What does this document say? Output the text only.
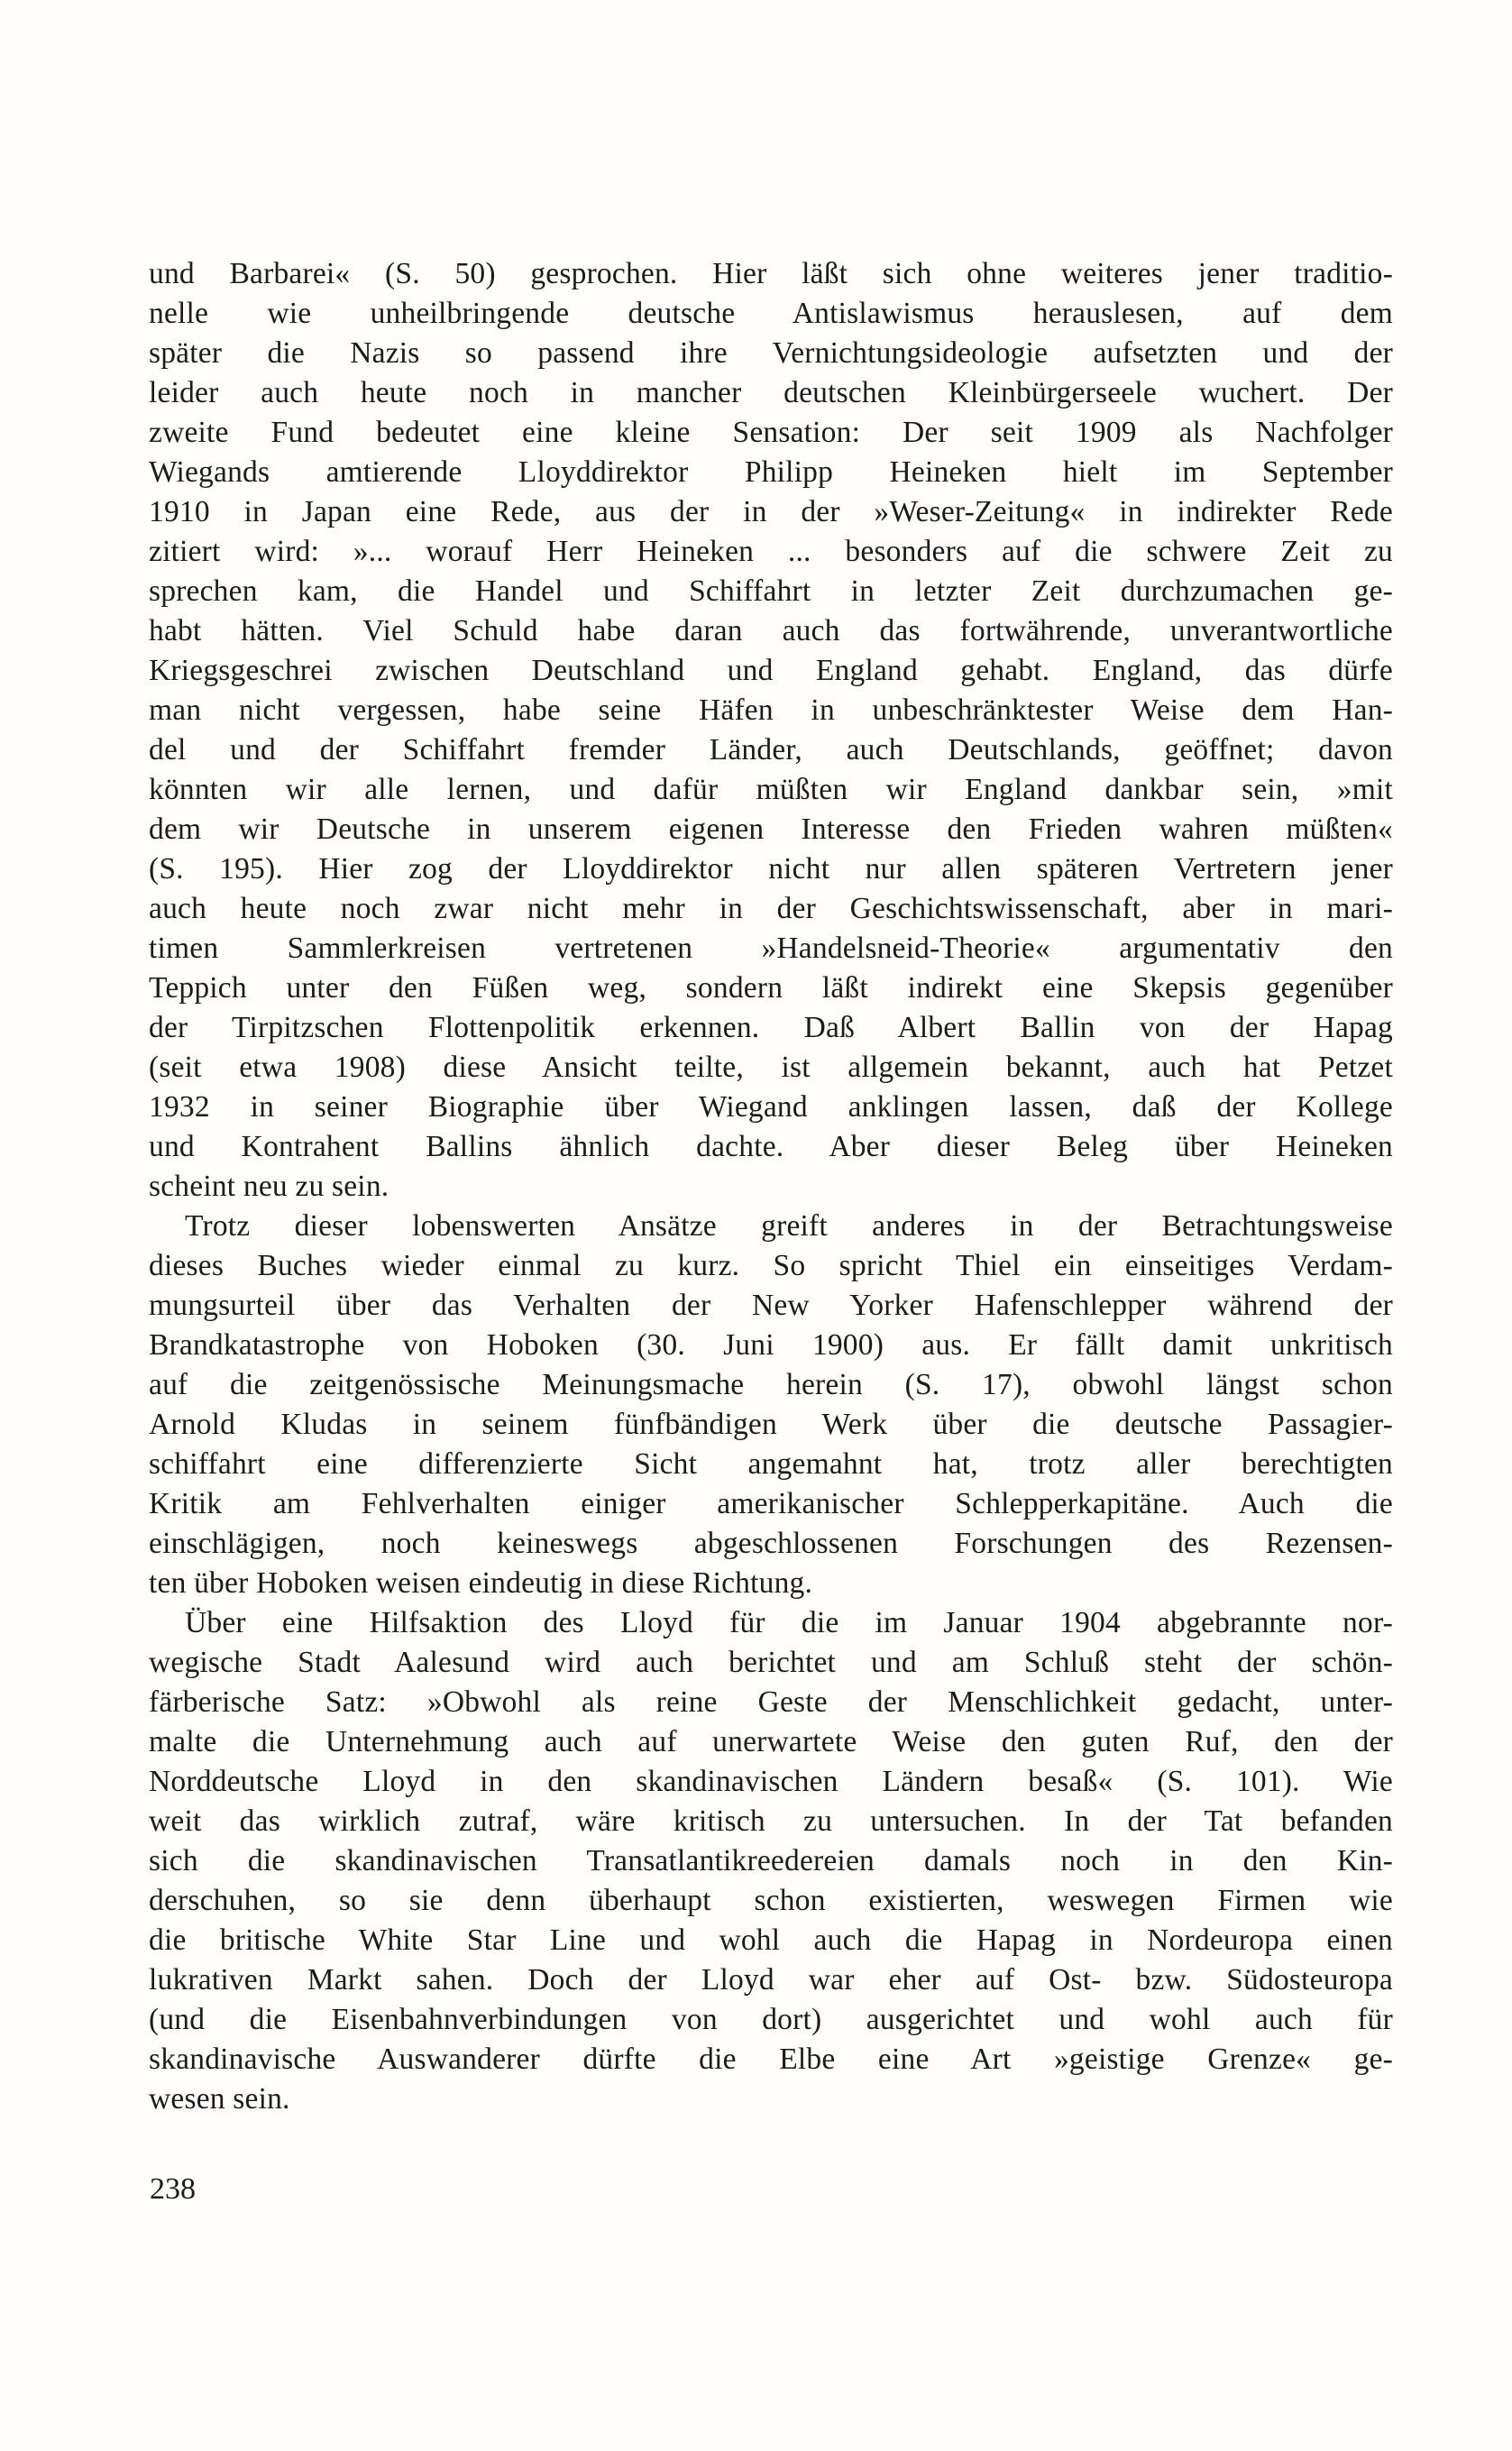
und Barbarei« (S. 50) gesprochen. Hier läßt sich ohne weiteres jener traditio-
nelle wie unheilbringende deutsche Antislawismus herauslesen, auf dem
später die Nazis so passend ihre Vernichtungsideologie aufsetzten und der
leider auch heute noch in mancher deutschen Kleinbürgerseele wuchert. Der
zweite Fund bedeutet eine kleine Sensation: Der seit 1909 als Nachfolger
Wiegands amtierende Lloyddirektor Philipp Heineken hielt im September
1910 in Japan eine Rede, aus der in der »Weser-Zeitung« in indirekter Rede
zitiert wird: »... worauf Herr Heineken ... besonders auf die schwere Zeit zu
sprechen kam, die Handel und Schiffahrt in letzter Zeit durchzumachen ge-
habt hätten. Viel Schuld habe daran auch das fortwährende, unverantwortliche
Kriegsgeschrei zwischen Deutschland und England gehabt. England, das dürfe
man nicht vergessen, habe seine Häfen in unbeschränktester Weise dem Han-
del und der Schiffahrt fremder Länder, auch Deutschlands, geöffnet; davon
könnten wir alle lernen, und dafür müßten wir England dankbar sein, »mit
dem wir Deutsche in unserem eigenen Interesse den Frieden wahren müßten«
(S. 195). Hier zog der Lloyddirektor nicht nur allen späteren Vertretern jener
auch heute noch zwar nicht mehr in der Geschichtswissenschaft, aber in mari-
timen Sammlerkreisen vertretenen »Handelsneid-Theorie« argumentativ den
Teppich unter den Füßen weg, sondern läßt indirekt eine Skepsis gegenüber
der Tirpitzschen Flottenpolitik erkennen. Daß Albert Ballin von der Hapag
(seit etwa 1908) diese Ansicht teilte, ist allgemein bekannt, auch hat Petzet
1932 in seiner Biographie über Wiegand anklingen lassen, daß der Kollege
und Kontrahent Ballins ähnlich dachte. Aber dieser Beleg über Heineken
scheint neu zu sein.
Trotz dieser lobenswerten Ansätze greift anderes in der Betrachtungsweise
dieses Buches wieder einmal zu kurz. So spricht Thiel ein einseitiges Verdam-
mungsurteil über das Verhalten der New Yorker Hafenschlepper während der
Brandkatastrophe von Hoboken (30. Juni 1900) aus. Er fällt damit unkritisch
auf die zeitgenössische Meinungsmache herein (S. 17), obwohl längst schon
Arnold Kludas in seinem fünfbändigen Werk über die deutsche Passagier-
schiffahrt eine differenzierte Sicht angemahnt hat, trotz aller berechtigten
Kritik am Fehlverhalten einiger amerikanischer Schlepperkapitäne. Auch die
einschlägigen, noch keineswegs abgeschlossenen Forschungen des Rezensen-
ten über Hoboken weisen eindeutig in diese Richtung.
Über eine Hilfsaktion des Lloyd für die im Januar 1904 abgebrannte nor-
wegische Stadt Aalesund wird auch berichtet und am Schluß steht der schön-
färberische Satz: »Obwohl als reine Geste der Menschlichkeit gedacht, unter-
malte die Unternehmung auch auf unerwartete Weise den guten Ruf, den der
Norddeutsche Lloyd in den skandinavischen Ländern besaß« (S. 101). Wie
weit das wirklich zutraf, wäre kritisch zu untersuchen. In der Tat befanden
sich die skandinavischen Transatlantikreedereien damals noch in den Kin-
derschuhen, so sie denn überhaupt schon existierten, weswegen Firmen wie
die britische White Star Line und wohl auch die Hapag in Nordeuropa einen
lukrativen Markt sahen. Doch der Lloyd war eher auf Ost- bzw. Südosteuropa
(und die Eisenbahnverbindungen von dort) ausgerichtet und wohl auch für
skandinavische Auswanderer dürfte die Elbe eine Art »geistige Grenze« ge-
wesen sein.
238
